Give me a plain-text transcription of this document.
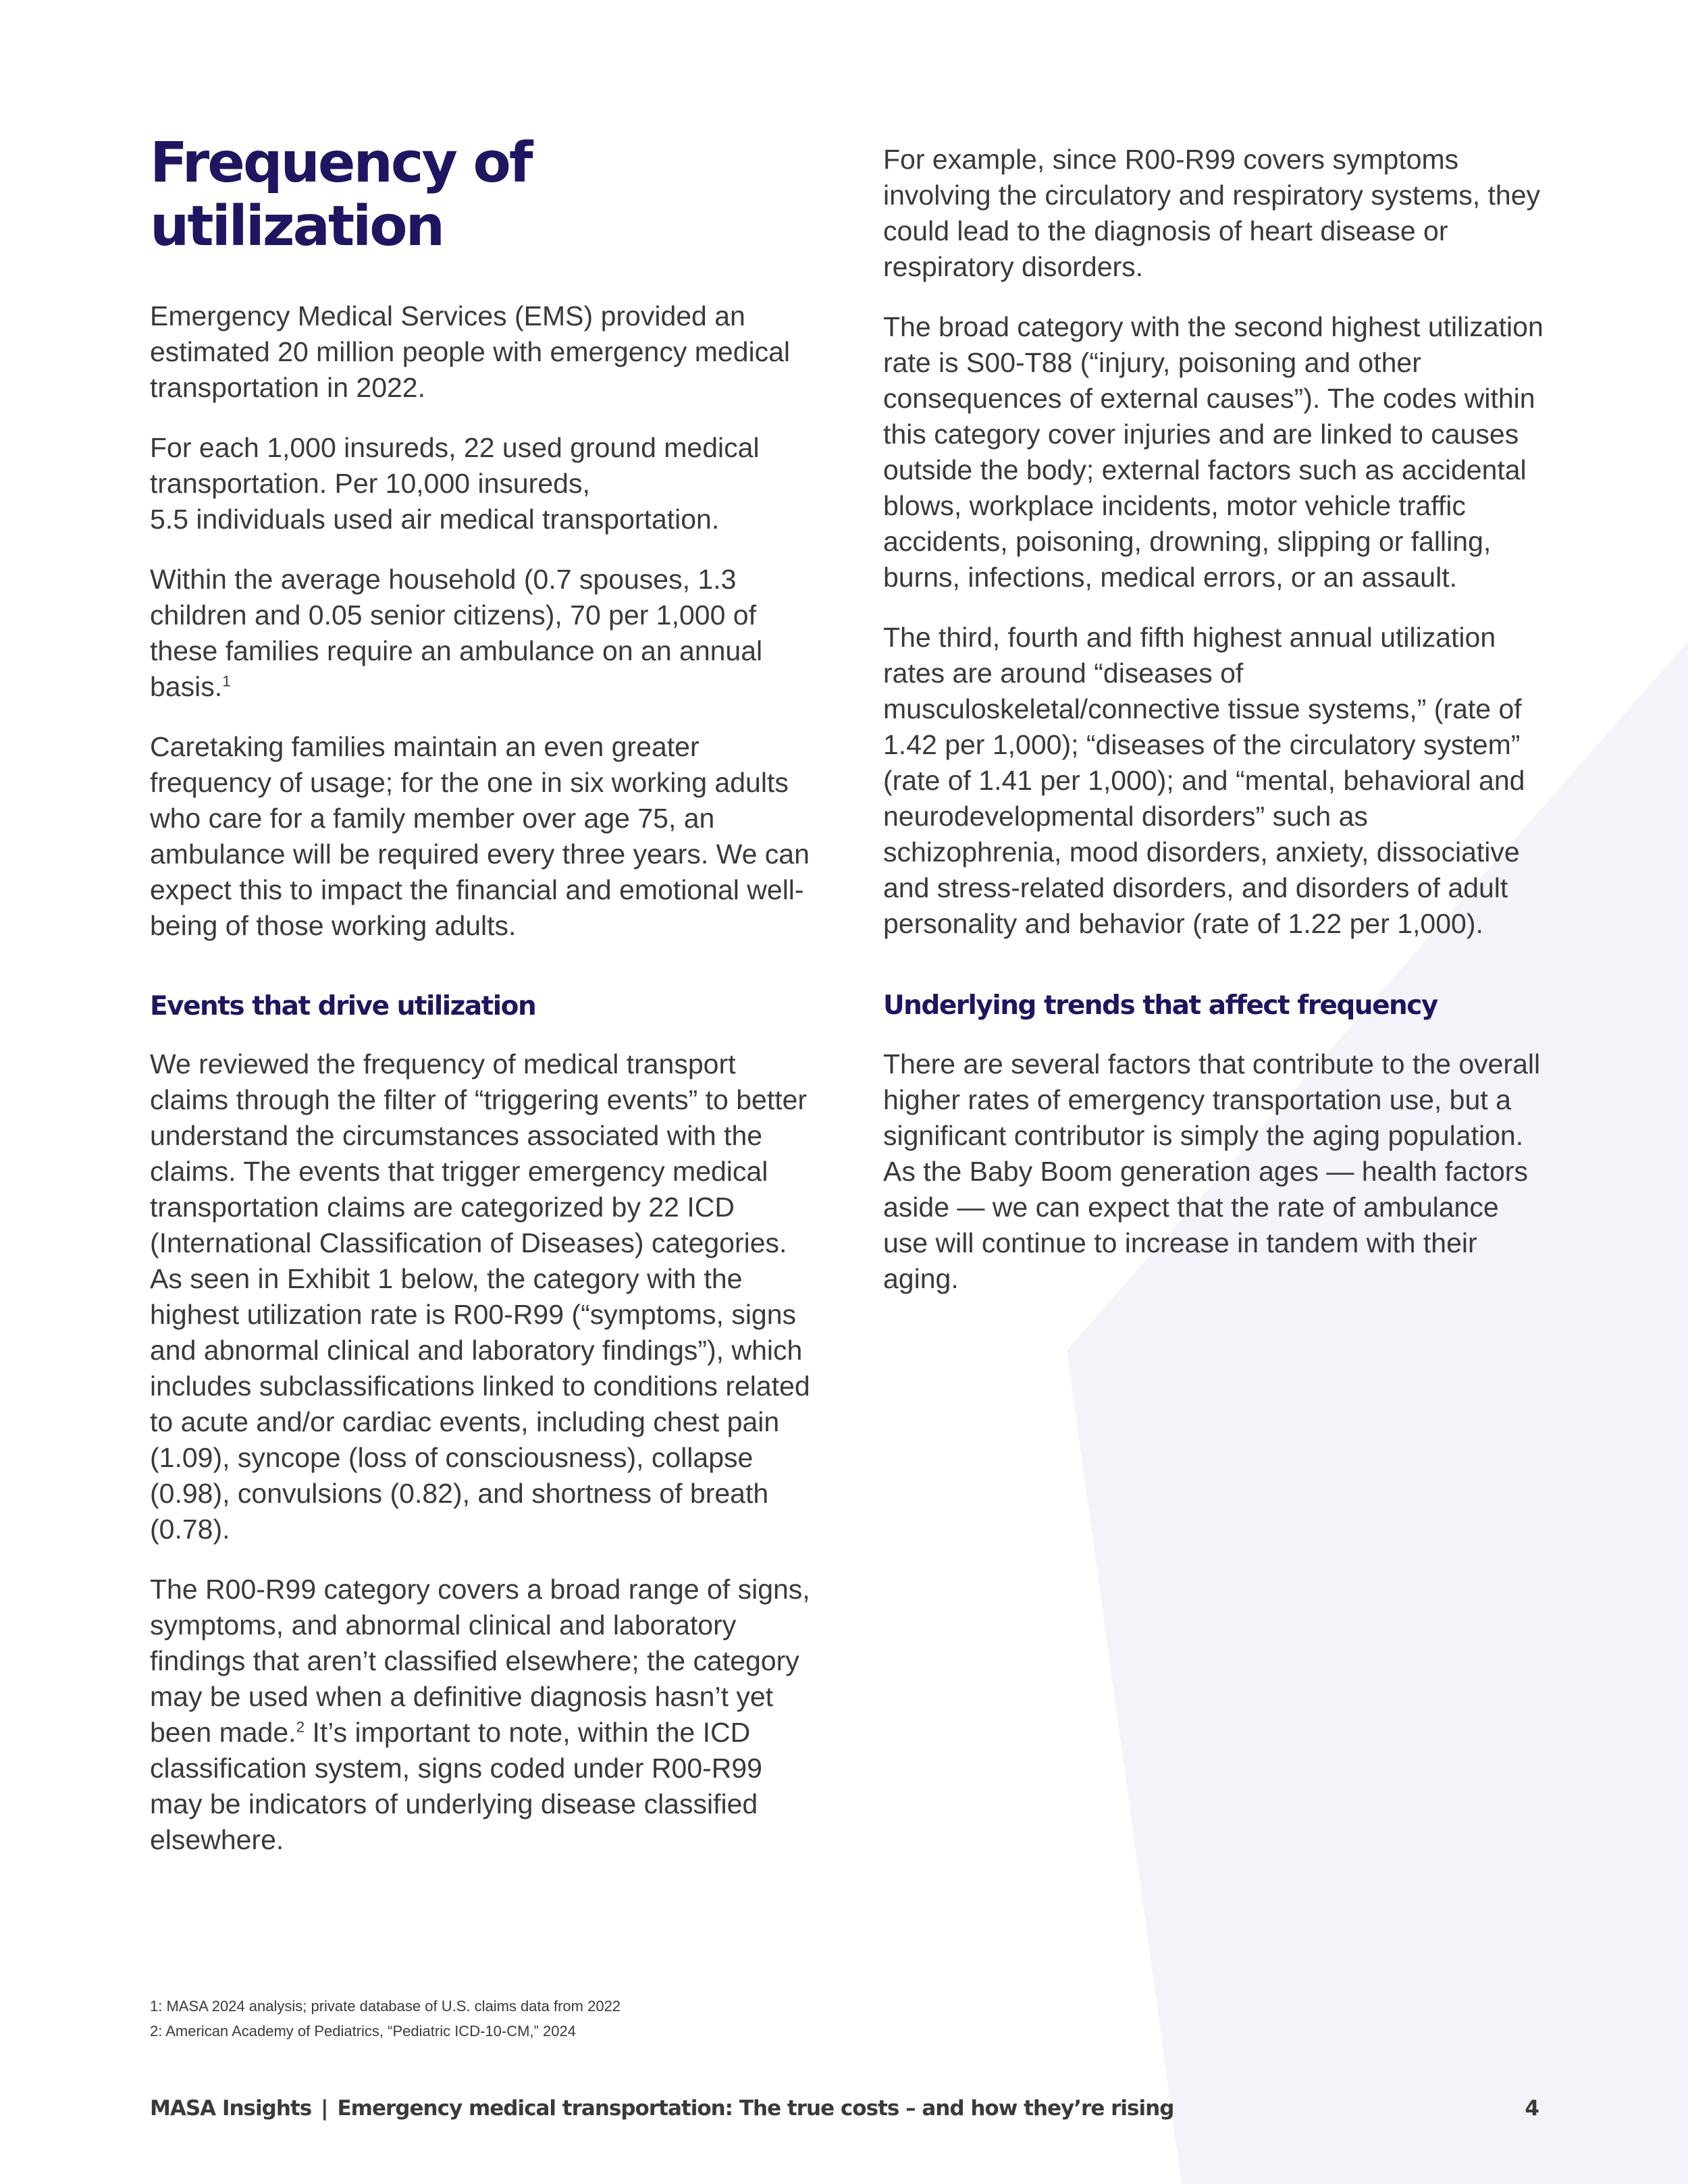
Frequency of utilization

Emergency Medical Services (EMS) provided an estimated 20 million people with emergency medical transportation in 2022.

For each 1,000 insureds, 22 used ground medical transportation. Per 10,000 insureds,
5.5 individuals used air medical transportation.

Within the average household (0.7 spouses, 1.3 children and 0.05 senior citizens), 70 per 1,000 of these families require an ambulance on an annual basis.$^1$

Caretaking families maintain an even greater frequency of usage; for the one in six working adults who care for a family member over age 75, an ambulance will be required every three years. We can expect this to impact the financial and emotional well-being of those working adults.

Events that drive utilization

We reviewed the frequency of medical transport claims through the filter of “triggering events” to better understand the circumstances associated with the claims. The events that trigger emergency medical transportation claims are categorized by 22 ICD (International Classification of Diseases) categories. As seen in Exhibit 1 below, the category with the highest utilization rate is R00-R99 (“symptoms, signs and abnormal clinical and laboratory findings”), which includes subclassifications linked to conditions related to acute and/or cardiac events, including chest pain (1.09), syncope (loss of consciousness), collapse (0.98), convulsions (0.82), and shortness of breath (0.78).

The R00-R99 category covers a broad range of signs, symptoms, and abnormal clinical and laboratory findings that aren’t classified elsewhere; the category may be used when a definitive diagnosis hasn’t yet been made.$^2$ It’s important to note, within the ICD classification system, signs coded under R00-R99 may be indicators of underlying disease classified elsewhere.

For example, since R00-R99 covers symptoms involving the circulatory and respiratory systems, they could lead to the diagnosis of heart disease or respiratory disorders.

The broad category with the second highest utilization rate is S00-T88 (“injury, poisoning and other consequences of external causes”). The codes within this category cover injuries and are linked to causes outside the body; external factors such as accidental blows, workplace incidents, motor vehicle traffic accidents, poisoning, drowning, slipping or falling, burns, infections, medical errors, or an assault.

The third, fourth and fifth highest annual utilization rates are around “diseases of musculoskeletal/connective tissue systems,” (rate of 1.42 per 1,000); “diseases of the circulatory system” (rate of 1.41 per 1,000); and “mental, behavioral and neurodevelopmental disorders” such as schizophrenia, mood disorders, anxiety, dissociative and stress-related disorders, and disorders of adult personality and behavior (rate of 1.22 per 1,000).

Underlying trends that affect frequency

There are several factors that contribute to the overall higher rates of emergency transportation use, but a significant contributor is simply the aging population. As the Baby Boom generation ages — health factors aside — we can expect that the rate of ambulance use will continue to increase in tandem with their aging.

1: MASA 2024 analysis; private database of U.S. claims data from 2022
2: American Academy of Pediatrics, “Pediatric ICD-10-CM,” 2024
MASA Insights | Emergency medical transportation: The true costs – and how they’re rising	4
